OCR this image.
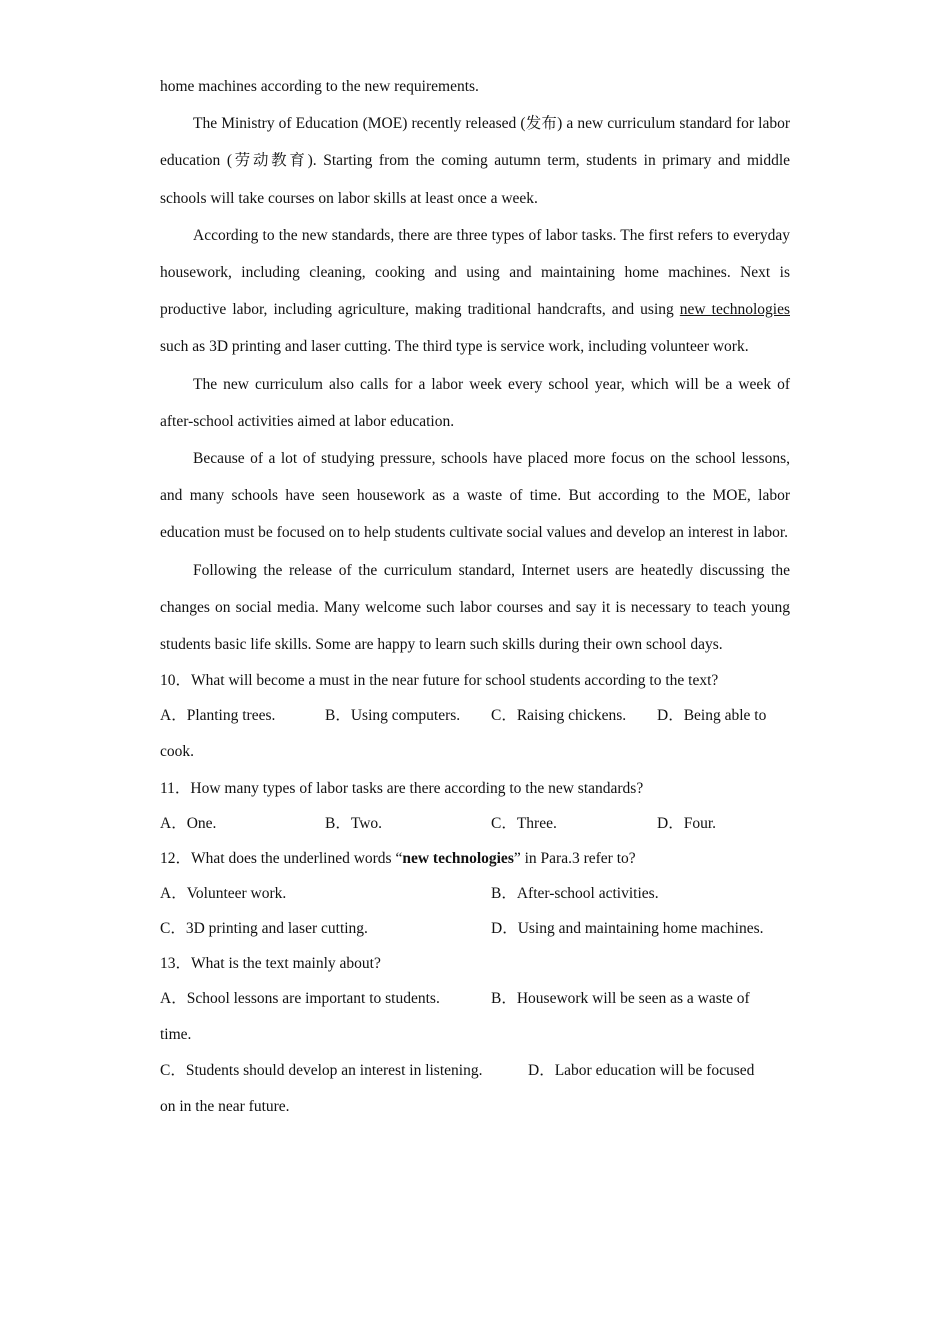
home machines according to the new requirements.

The Ministry of Education (MOE) recently released (发布) a new curriculum standard for labor education (劳动教育). Starting from the coming autumn term, students in primary and middle schools will take courses on labor skills at least once a week.

According to the new standards, there are three types of labor tasks. The first refers to everyday housework, including cleaning, cooking and using and maintaining home machines. Next is productive labor, including agriculture, making traditional handcrafts, and using new technologies such as 3D printing and laser cutting. The third type is service work, including volunteer work.

The new curriculum also calls for a labor week every school year, which will be a week of after-school activities aimed at labor education.

Because of a lot of studying pressure, schools have placed more focus on the school lessons, and many schools have seen housework as a waste of time. But according to the MOE, labor education must be focused on to help students cultivate social values and develop an interest in labor.

Following the release of the curriculum standard, Internet users are heatedly discussing the changes on social media. Many welcome such labor courses and say it is necessary to teach young students basic life skills. Some are happy to learn such skills during their own school days.

10．What will become a must in the near future for school students according to the text?

A．Planting trees.	B．Using computers. C．Raising chickens. D．Being able to

cook.

11．How many types of labor tasks are there according to the new standards?

A．One.	B．Two.	C．Three.	D．Four.

12．What does the underlined words “new technologies” in Para.3 refer to?

A．Volunteer work.	B．After-school activities.
C．3D printing and laser cutting.	D．Using and maintaining home machines.

13．What is the text mainly about?

A．School lessons are important to students.	B．Housework will be seen as a waste of

time.

C．Students should develop an interest in listening.	D．Labor education will be focused

on in the near future.
